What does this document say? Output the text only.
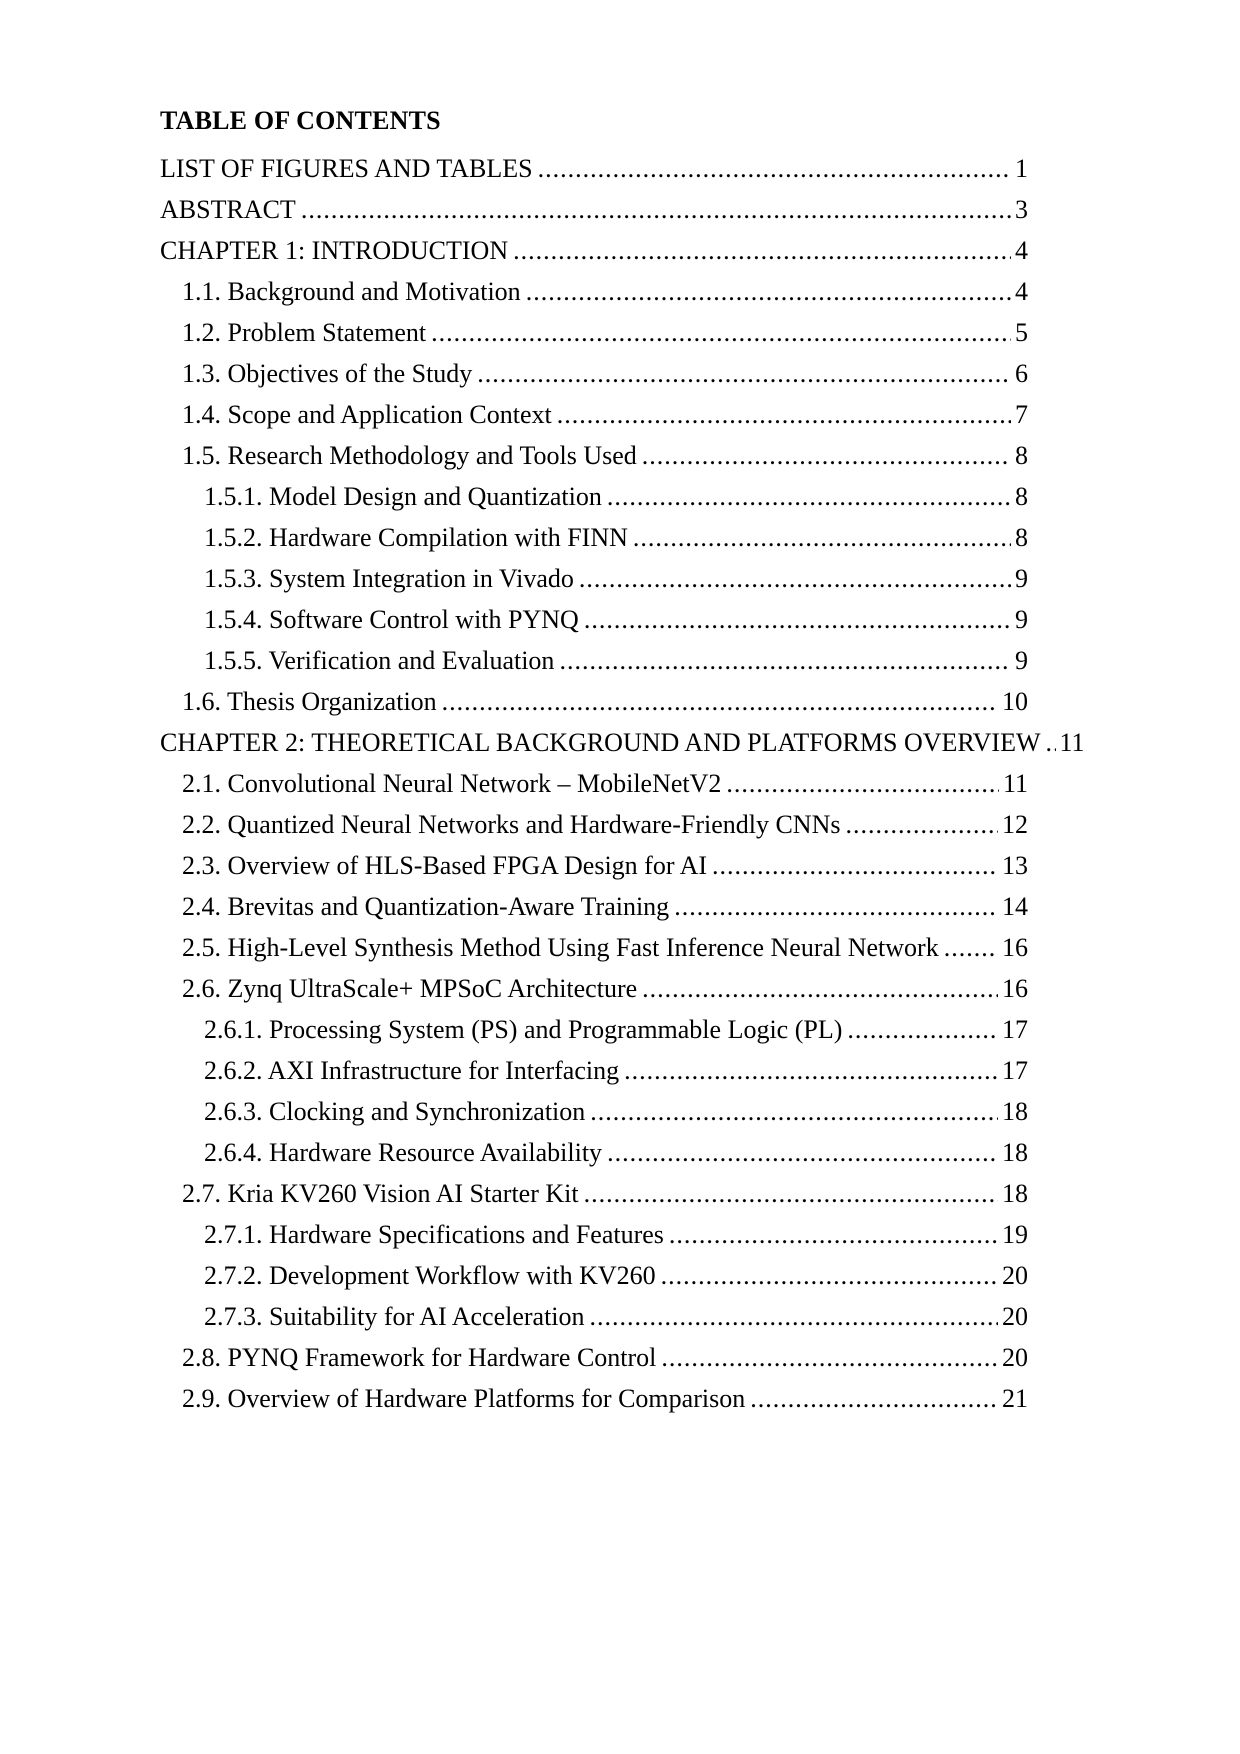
TABLE OF CONTENTS
LIST OF FIGURES AND TABLES .....	1
ABSTRACT .....	3
CHAPTER 1: INTRODUCTION .....	4
1.1. Background and Motivation .....	4
1.2. Problem Statement .....	5
1.3. Objectives of the Study .....	6
1.4. Scope and Application Context .....	7
1.5. Research Methodology and Tools Used .....	8
1.5.1. Model Design and Quantization .....	8
1.5.2. Hardware Compilation with FINN .....	8
1.5.3. System Integration in Vivado .....	9
1.5.4. Software Control with PYNQ .....	9
1.5.5. Verification and Evaluation .....	9
1.6. Thesis Organization .....	10
CHAPTER 2: THEORETICAL BACKGROUND AND PLATFORMS OVERVIEW ..... 11
2.1. Convolutional Neural Network – MobileNetV2 .....	11
2.2. Quantized Neural Networks and Hardware-Friendly CNNs .....	12
2.3. Overview of HLS-Based FPGA Design for AI .....	13
2.4. Brevitas and Quantization-Aware Training .....	14
2.5. High-Level Synthesis Method Using Fast Inference Neural Network ..... 16
2.6. Zynq UltraScale+ MPSoC Architecture .....	16
2.6.1. Processing System (PS) and Programmable Logic (PL) .....	17
2.6.2. AXI Infrastructure for Interfacing .....	17
2.6.3. Clocking and Synchronization .....	18
2.6.4. Hardware Resource Availability .....	18
2.7. Kria KV260 Vision AI Starter Kit .....	18
2.7.1. Hardware Specifications and Features .....	19
2.7.2. Development Workflow with KV260 .....	20
2.7.3. Suitability for AI Acceleration .....	20
2.8. PYNQ Framework for Hardware Control .....	20
2.9. Overview of Hardware Platforms for Comparison .....	21
